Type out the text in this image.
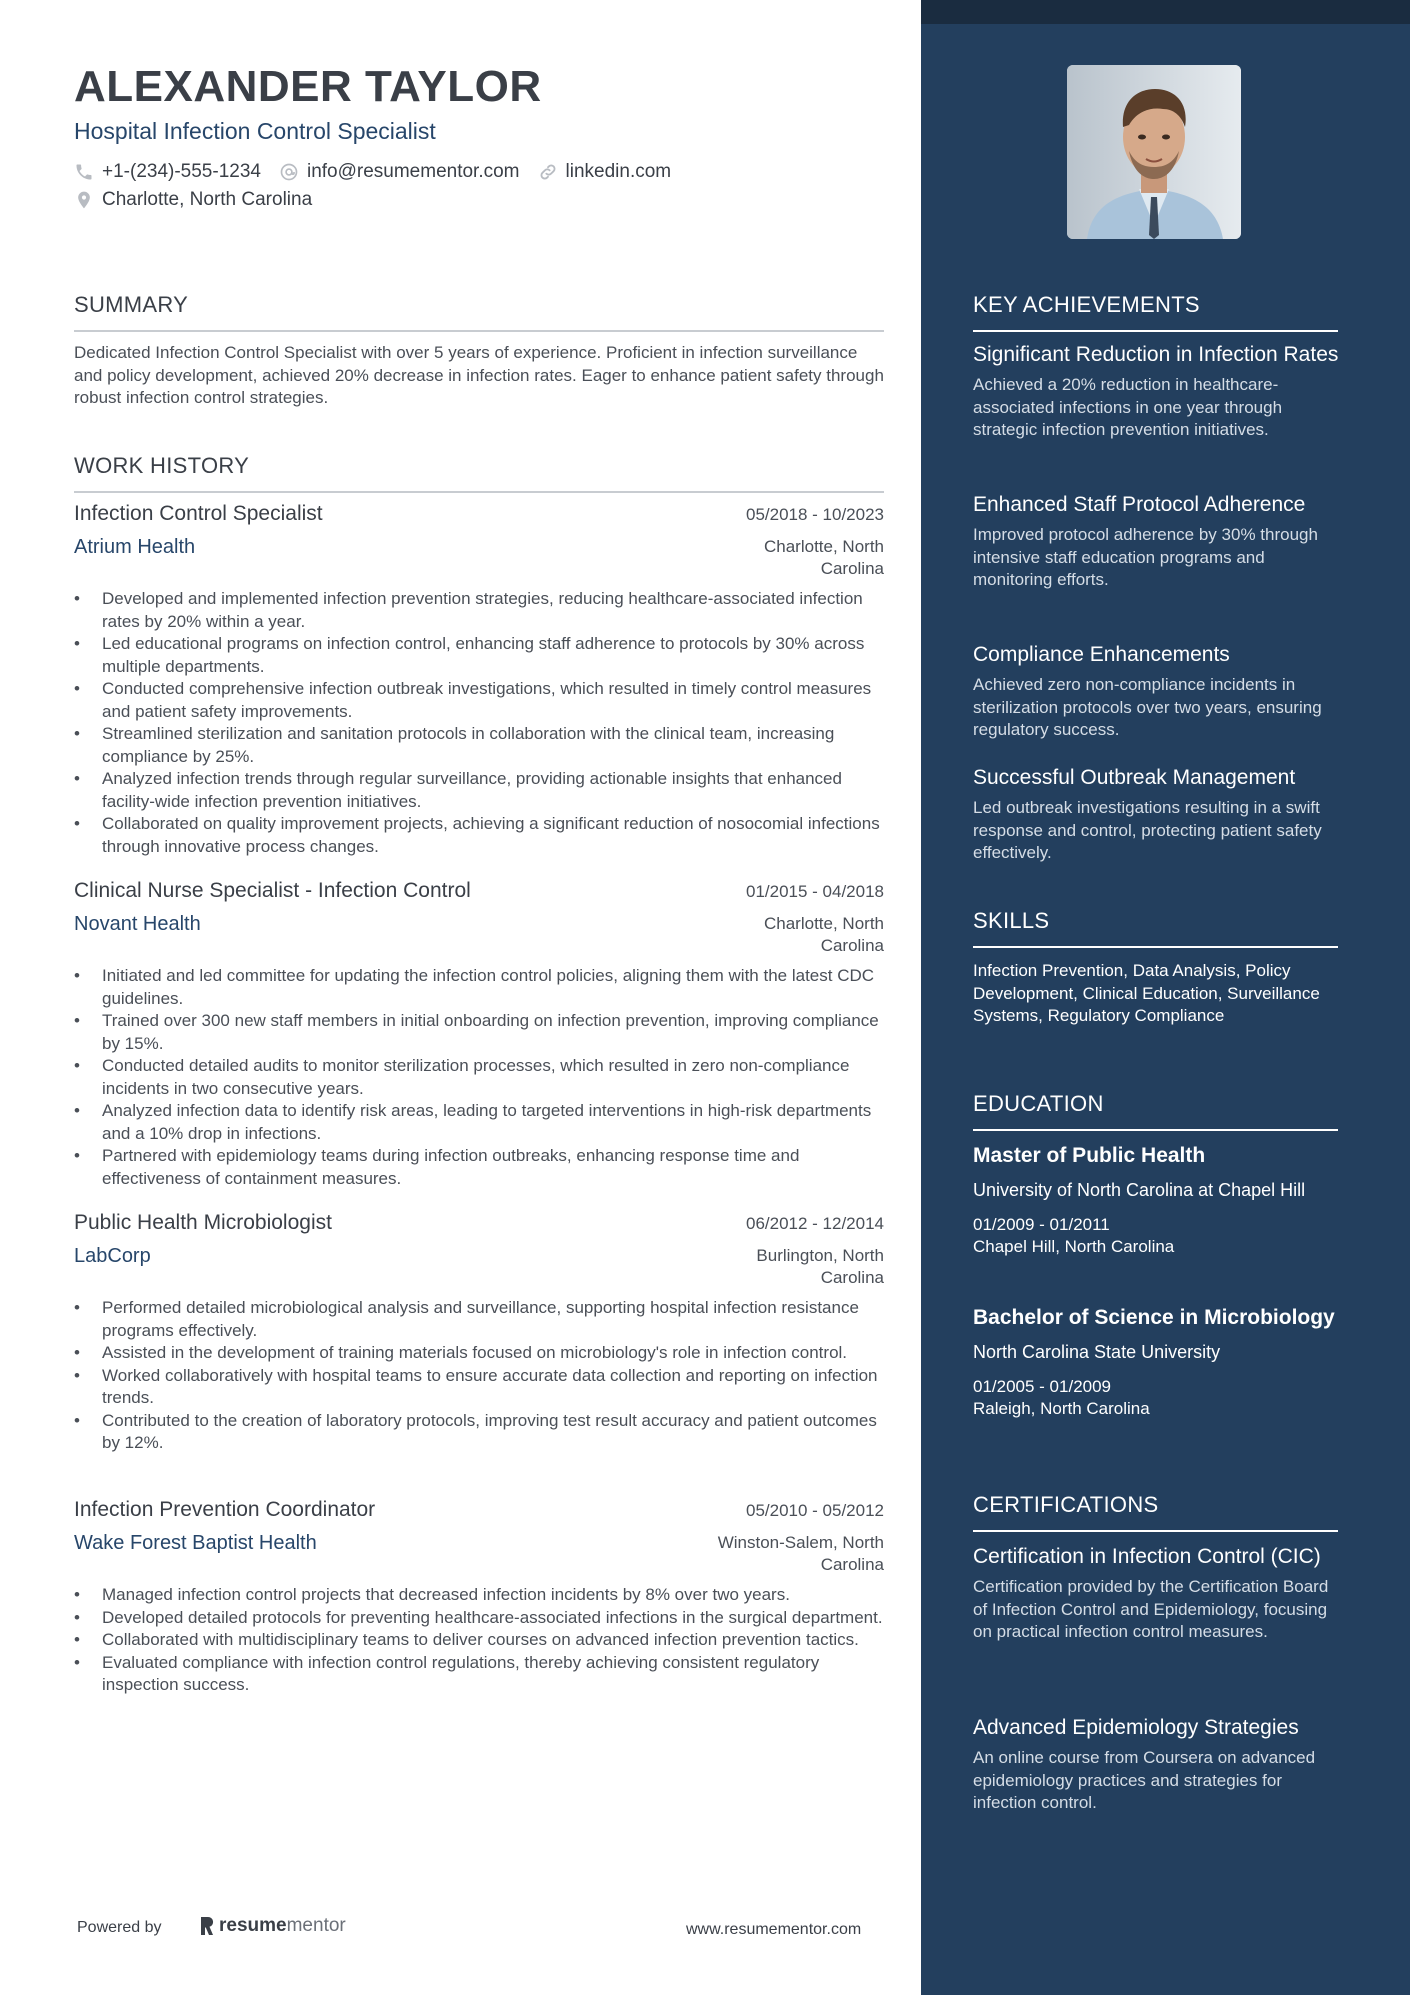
ALEXANDER TAYLOR
Hospital Infection Control Specialist
+1-(234)-555-1234 info@resumementor.com linkedin.com
Charlotte, North Carolina
SUMMARY
Dedicated Infection Control Specialist with over 5 years of experience. Proficient in infection surveillance and policy development, achieved 20% decrease in infection rates. Eager to enhance patient safety through robust infection control strategies.
WORK HISTORY
Infection Control Specialist	05/2018 - 10/2023
Atrium Health	Charlotte, North Carolina
• Developed and implemented infection prevention strategies, reducing healthcare-associated infection rates by 20% within a year.
• Led educational programs on infection control, enhancing staff adherence to protocols by 30% across multiple departments.
• Conducted comprehensive infection outbreak investigations, which resulted in timely control measures and patient safety improvements.
• Streamlined sterilization and sanitation protocols in collaboration with the clinical team, increasing compliance by 25%.
• Analyzed infection trends through regular surveillance, providing actionable insights that enhanced facility-wide infection prevention initiatives.
• Collaborated on quality improvement projects, achieving a significant reduction of nosocomial infections through innovative process changes.
Clinical Nurse Specialist - Infection Control	01/2015 - 04/2018
Novant Health	Charlotte, North Carolina
• Initiated and led committee for updating the infection control policies, aligning them with the latest CDC guidelines.
• Trained over 300 new staff members in initial onboarding on infection prevention, improving compliance by 15%.
• Conducted detailed audits to monitor sterilization processes, which resulted in zero non-compliance incidents in two consecutive years.
• Analyzed infection data to identify risk areas, leading to targeted interventions in high-risk departments and a 10% drop in infections.
• Partnered with epidemiology teams during infection outbreaks, enhancing response time and effectiveness of containment measures.
Public Health Microbiologist	06/2012 - 12/2014
LabCorp	Burlington, North Carolina
• Performed detailed microbiological analysis and surveillance, supporting hospital infection resistance programs effectively.
• Assisted in the development of training materials focused on microbiology's role in infection control.
• Worked collaboratively with hospital teams to ensure accurate data collection and reporting on infection trends.
• Contributed to the creation of laboratory protocols, improving test result accuracy and patient outcomes by 12%.
Infection Prevention Coordinator	05/2010 - 05/2012
Wake Forest Baptist Health	Winston-Salem, North Carolina
• Managed infection control projects that decreased infection incidents by 8% over two years.
• Developed detailed protocols for preventing healthcare-associated infections in the surgical department.
• Collaborated with multidisciplinary teams to deliver courses on advanced infection prevention tactics.
• Evaluated compliance with infection control regulations, thereby achieving consistent regulatory inspection success.
Powered by	resume mentor	www.resumementor.com
KEY ACHIEVEMENTS
Significant Reduction in Infection Rates
Achieved a 20% reduction in healthcare-associated infections in one year through strategic infection prevention initiatives.
Enhanced Staff Protocol Adherence
Improved protocol adherence by 30% through intensive staff education programs and monitoring efforts.
Compliance Enhancements
Achieved zero non-compliance incidents in sterilization protocols over two years, ensuring regulatory success.
Successful Outbreak Management
Led outbreak investigations resulting in a swift response and control, protecting patient safety effectively.
SKILLS
Infection Prevention, Data Analysis, Policy Development, Clinical Education, Surveillance Systems, Regulatory Compliance
EDUCATION
Master of Public Health
University of North Carolina at Chapel Hill
01/2009 - 01/2011
Chapel Hill, North Carolina
Bachelor of Science in Microbiology
North Carolina State University
01/2005 - 01/2009
Raleigh, North Carolina
CERTIFICATIONS
Certification in Infection Control (CIC)
Certification provided by the Certification Board of Infection Control and Epidemiology, focusing on practical infection control measures.
Advanced Epidemiology Strategies
An online course from Coursera on advanced epidemiology practices and strategies for infection control.
